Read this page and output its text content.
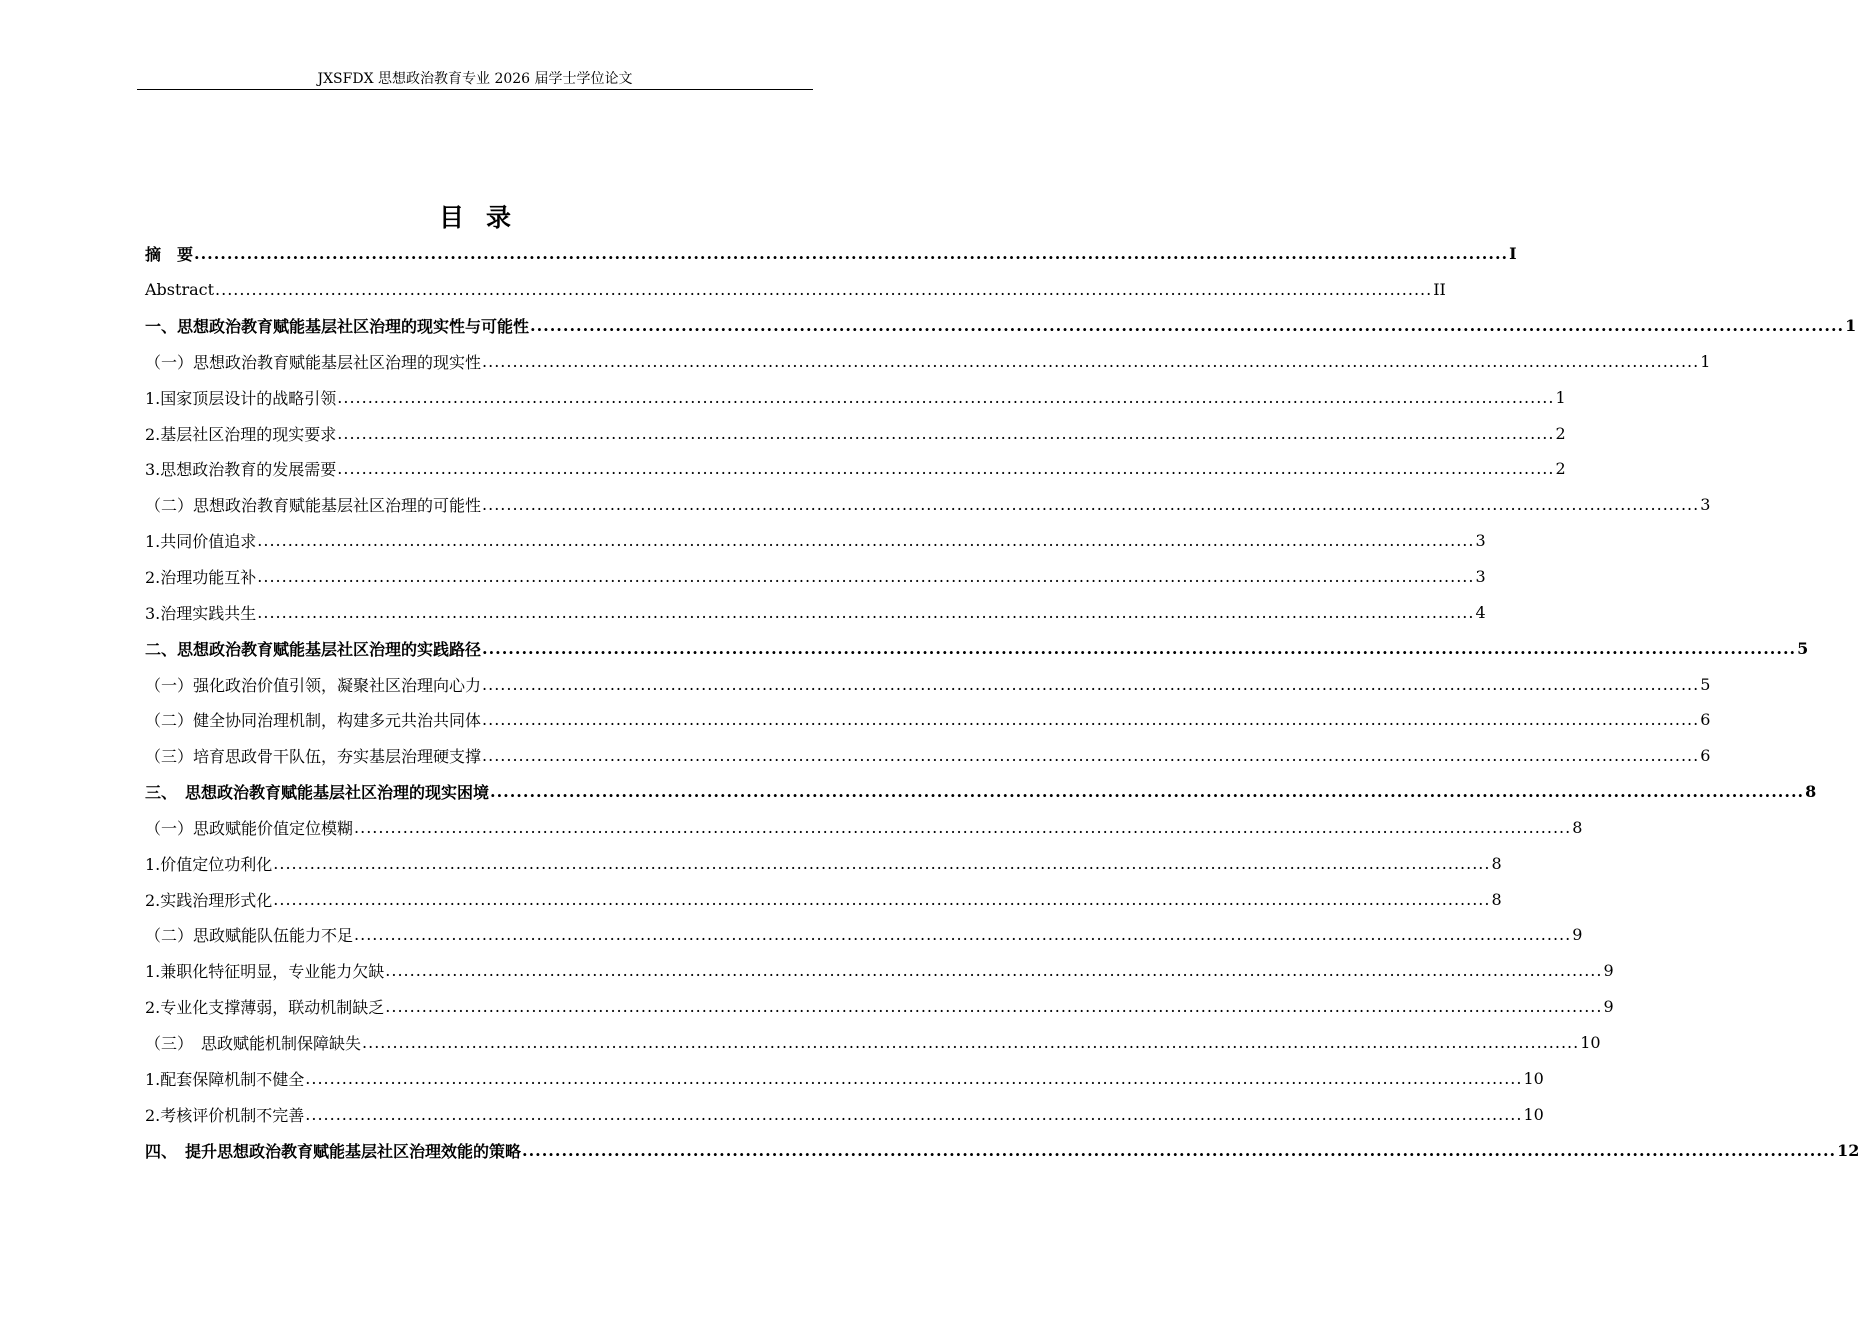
JXSFDX 思想政治教育专业 2026 届学士学位论文
目录
摘　要 ........................................................................................................................................................................................................ I
Abstract ........................................................................................................................................................................................................ II
一、思想政治教育赋能基层社区治理的现实性与可能性 ........................................................................................................................................................................................................ 1
（一）思想政治教育赋能基层社区治理的现实性 ........................................................................................................................................................................................................ 1
1.国家顶层设计的战略引领 ........................................................................................................................................................................................................ 1
2.基层社区治理的现实要求 ........................................................................................................................................................................................................ 2
3.思想政治教育的发展需要 ........................................................................................................................................................................................................ 2
（二）思想政治教育赋能基层社区治理的可能性 ........................................................................................................................................................................................................ 3
1.共同价值追求 ........................................................................................................................................................................................................ 3
2.治理功能互补 ........................................................................................................................................................................................................ 3
3.治理实践共生 ........................................................................................................................................................................................................ 4
二、思想政治教育赋能基层社区治理的实践路径 ........................................................................................................................................................................................................ 5
（一）强化政治价值引领，凝聚社区治理向心力 ........................................................................................................................................................................................................ 5
（二）健全协同治理机制，构建多元共治共同体 ........................................................................................................................................................................................................ 6
（三）培育思政骨干队伍，夯实基层治理硬支撑 ........................................................................................................................................................................................................ 6
三、　思想政治教育赋能基层社区治理的现实困境 ........................................................................................................................................................................................................ 8
（一）思政赋能价值定位模糊 ........................................................................................................................................................................................................ 8
1.价值定位功利化 ........................................................................................................................................................................................................ 8
2.实践治理形式化 ........................................................................................................................................................................................................ 8
（二）思政赋能队伍能力不足 ........................................................................................................................................................................................................ 9
1.兼职化特征明显，专业能力欠缺 ........................................................................................................................................................................................................ 9
2.专业化支撑薄弱，联动机制缺乏 ........................................................................................................................................................................................................ 9
（三）　思政赋能机制保障缺失 ........................................................................................................................................................................................................ 10
1.配套保障机制不健全 ........................................................................................................................................................................................................ 10
2.考核评价机制不完善 ........................................................................................................................................................................................................ 10
四、　提升思想政治教育赋能基层社区治理效能的策略 ........................................................................................................................................................................................................ 12
